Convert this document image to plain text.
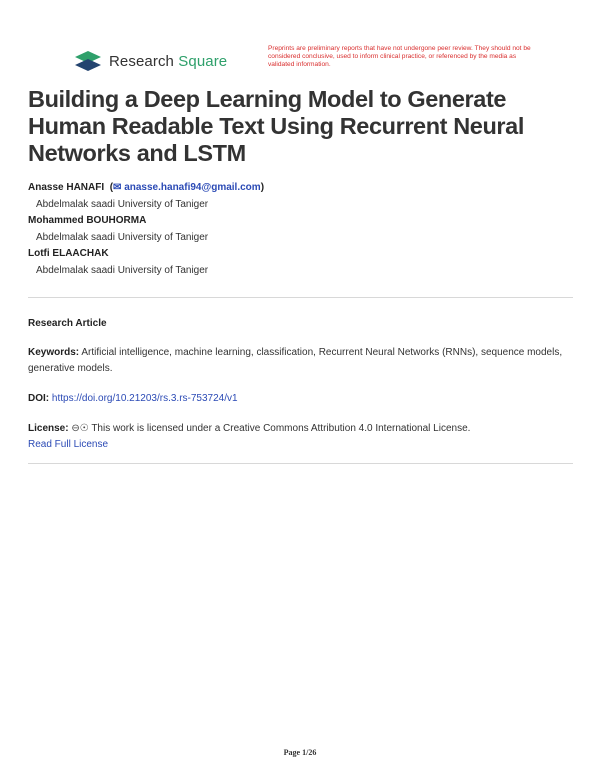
Research Square
Preprints are preliminary reports that have not undergone peer review. They should not be considered conclusive, used to inform clinical practice, or referenced by the media as validated information.
Building a Deep Learning Model to Generate Human Readable Text Using Recurrent Neural Networks and LSTM
Anasse HANAFI  (✉ anasse.hanafi94@gmail.com)
Abdelmalak saadi University of Taniger
Mohammed BOUHORMA
Abdelmalak saadi University of Taniger
Lotfi ELAACHAK
Abdelmalak saadi University of Taniger
Research Article
Keywords: Artificial intelligence, machine learning, classification, Recurrent Neural Networks (RNNs), sequence models, generative models.
DOI: https://doi.org/10.21203/rs.3.rs-753724/v1
License: ⊖☉ This work is licensed under a Creative Commons Attribution 4.0 International License.
Read Full License
Page 1/26
